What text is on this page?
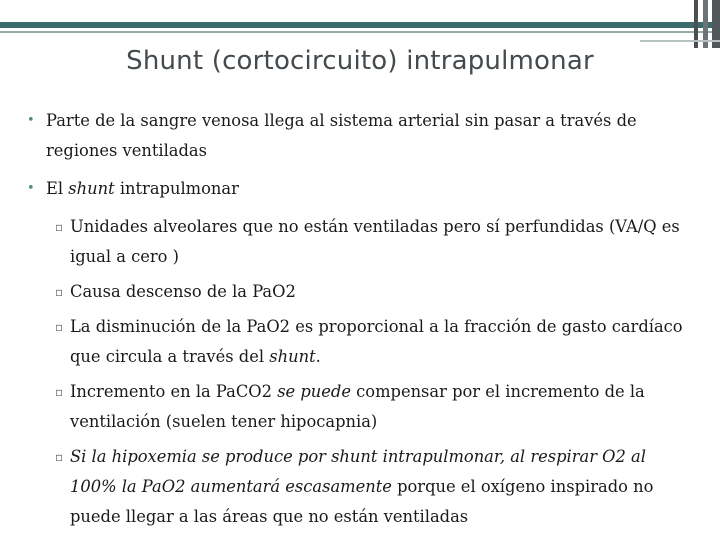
Shunt (cortocircuito) intrapulmonar
• Parte de la sangre venosa llega al sistema arterial sin pasar a través de regiones ventiladas
• El shunt intrapulmonar
▫ Unidades alveolares que no están ventiladas pero sí perfundidas (VA/Q es igual a cero )
▫ Causa descenso de la PaO2
▫ La disminución de la PaO2 es proporcional a la fracción de gasto cardíaco que circula a través del shunt.
▫ Incremento en la PaCO2 se puede compensar por el incremento de la ventilación (suelen tener hipocapnia)
▫ Si la hipoxemia se produce por shunt intrapulmonar, al respirar O2 al 100% la PaO2 aumentará escasamente porque el oxígeno inspirado no puede llegar a las áreas que no están ventiladas
